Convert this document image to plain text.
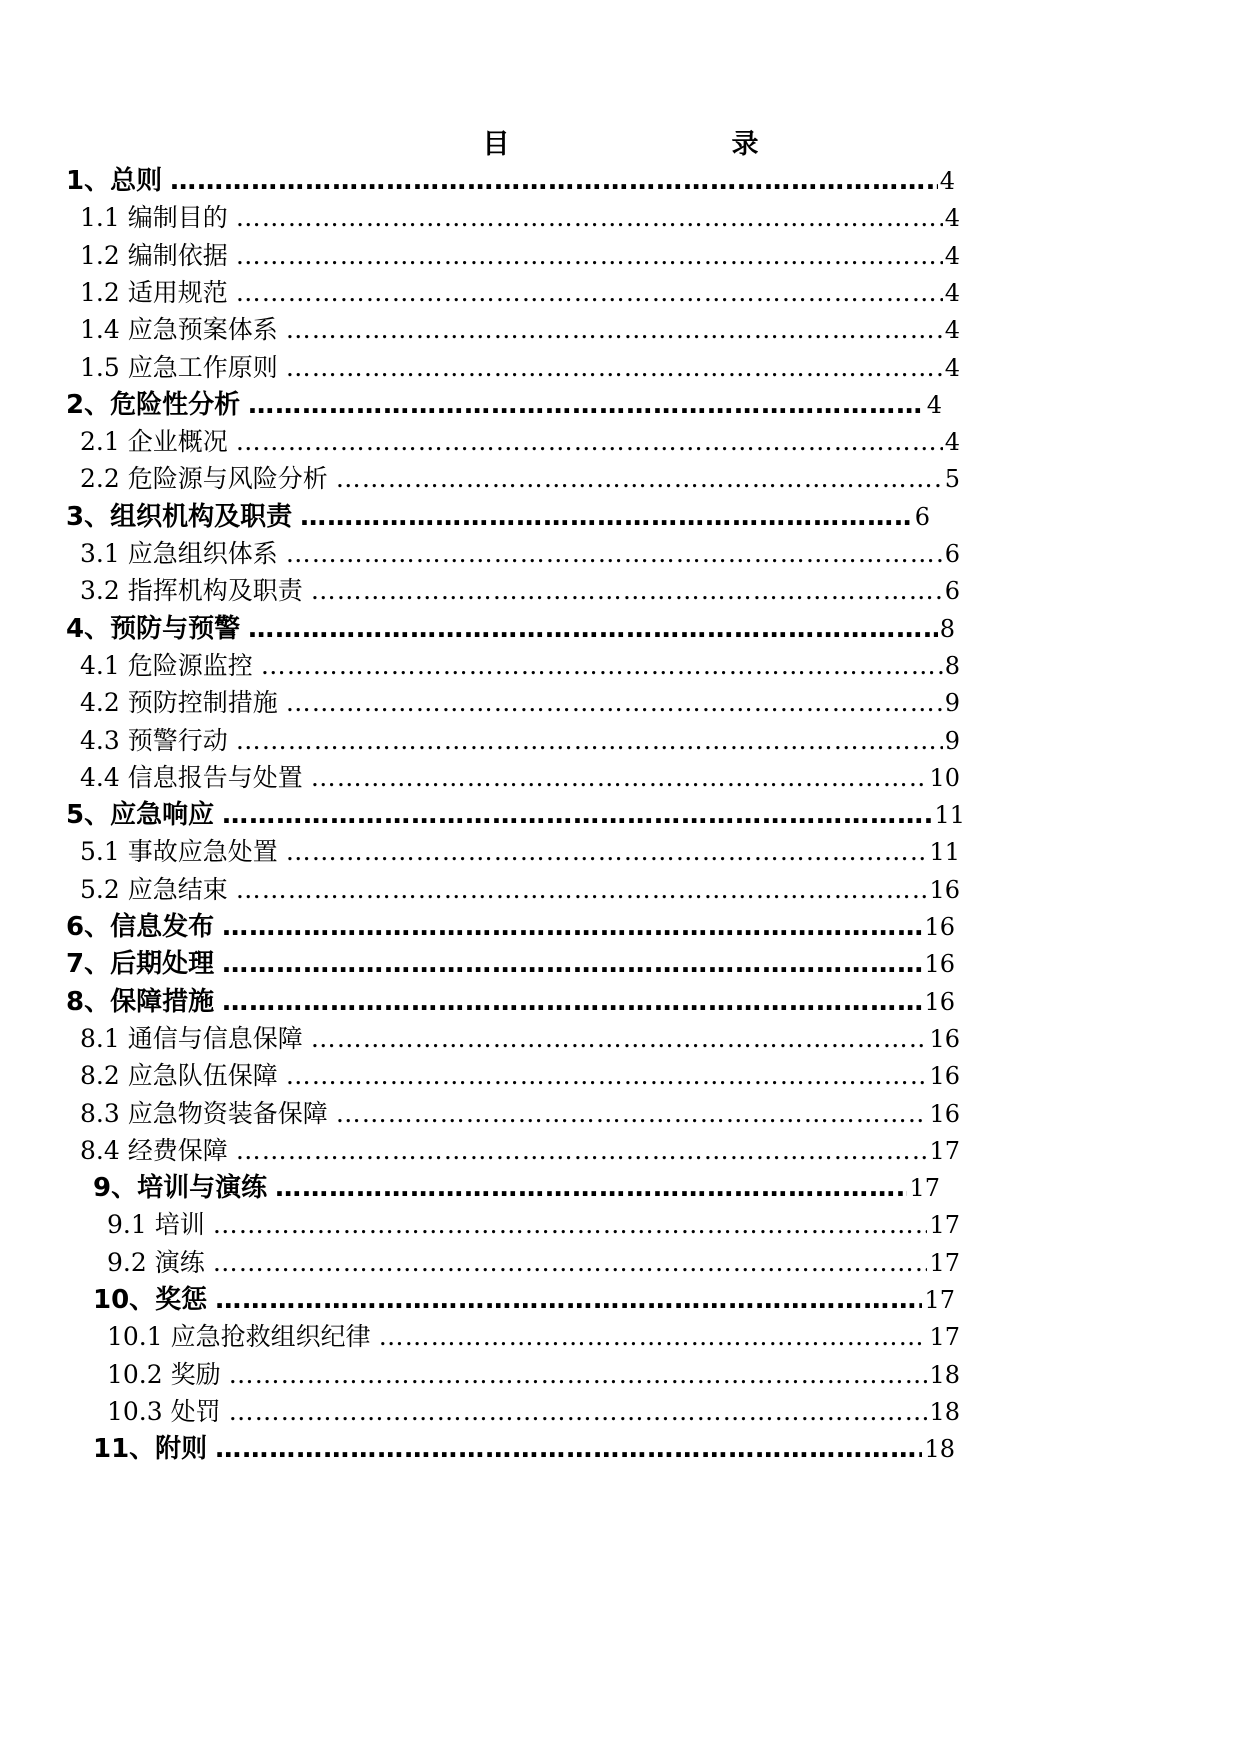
目　　录
1、总则 ………………………………………………………………………………………………………………………………………………………………………………………………	4
1.1 编制目的 ………………………………………………………………………………………………………………………………………………………………………………………………	4
1.2 编制依据 ………………………………………………………………………………………………………………………………………………………………………………………………	4
1.2 适用规范 ………………………………………………………………………………………………………………………………………………………………………………………………	4
1.4 应急预案体系 ………………………………………………………………………………………………………………………………………………………………………………………………	4
1.5 应急工作原则 ………………………………………………………………………………………………………………………………………………………………………………………………	4
2、危险性分析 ………………………………………………………………………………………………………………………………………………………………………………………………	4
2.1 企业概况 ………………………………………………………………………………………………………………………………………………………………………………………………	4
2.2 危险源与风险分析 ………………………………………………………………………………………………………………………………………………………………………………………………	5
3、组织机构及职责 ………………………………………………………………………………………………………………………………………………………………………………………………	6
3.1 应急组织体系 ………………………………………………………………………………………………………………………………………………………………………………………………	6
3.2 指挥机构及职责 ………………………………………………………………………………………………………………………………………………………………………………………………	6
4、预防与预警 ………………………………………………………………………………………………………………………………………………………………………………………………	8
4.1 危险源监控 ………………………………………………………………………………………………………………………………………………………………………………………………	8
4.2 预防控制措施 ………………………………………………………………………………………………………………………………………………………………………………………………	9
4.3 预警行动 ………………………………………………………………………………………………………………………………………………………………………………………………	9
4.4 信息报告与处置 ………………………………………………………………………………………………………………………………………………………………………………………………	10
5、应急响应 ………………………………………………………………………………………………………………………………………………………………………………………………	11
5.1 事故应急处置 ………………………………………………………………………………………………………………………………………………………………………………………………	11
5.2 应急结束 ………………………………………………………………………………………………………………………………………………………………………………………………	16
6、信息发布 ………………………………………………………………………………………………………………………………………………………………………………………………	16
7、后期处理 ………………………………………………………………………………………………………………………………………………………………………………………………	16
8、保障措施 ………………………………………………………………………………………………………………………………………………………………………………………………	16
8.1 通信与信息保障 ………………………………………………………………………………………………………………………………………………………………………………………………	16
8.2 应急队伍保障 ………………………………………………………………………………………………………………………………………………………………………………………………	16
8.3 应急物资装备保障 ………………………………………………………………………………………………………………………………………………………………………………………………	16
8.4 经费保障 ………………………………………………………………………………………………………………………………………………………………………………………………	17
9、培训与演练 ………………………………………………………………………………………………………………………………………………………………………………………………	17
9.1 培训 ………………………………………………………………………………………………………………………………………………………………………………………………	17
9.2 演练 ………………………………………………………………………………………………………………………………………………………………………………………………	17
10、奖惩 ………………………………………………………………………………………………………………………………………………………………………………………………	17
10.1 应急抢救组织纪律 ………………………………………………………………………………………………………………………………………………………………………………………………	17
10.2 奖励 ………………………………………………………………………………………………………………………………………………………………………………………………	18
10.3 处罚 ………………………………………………………………………………………………………………………………………………………………………………………………	18
11、附则 ………………………………………………………………………………………………………………………………………………………………………………………………	18
